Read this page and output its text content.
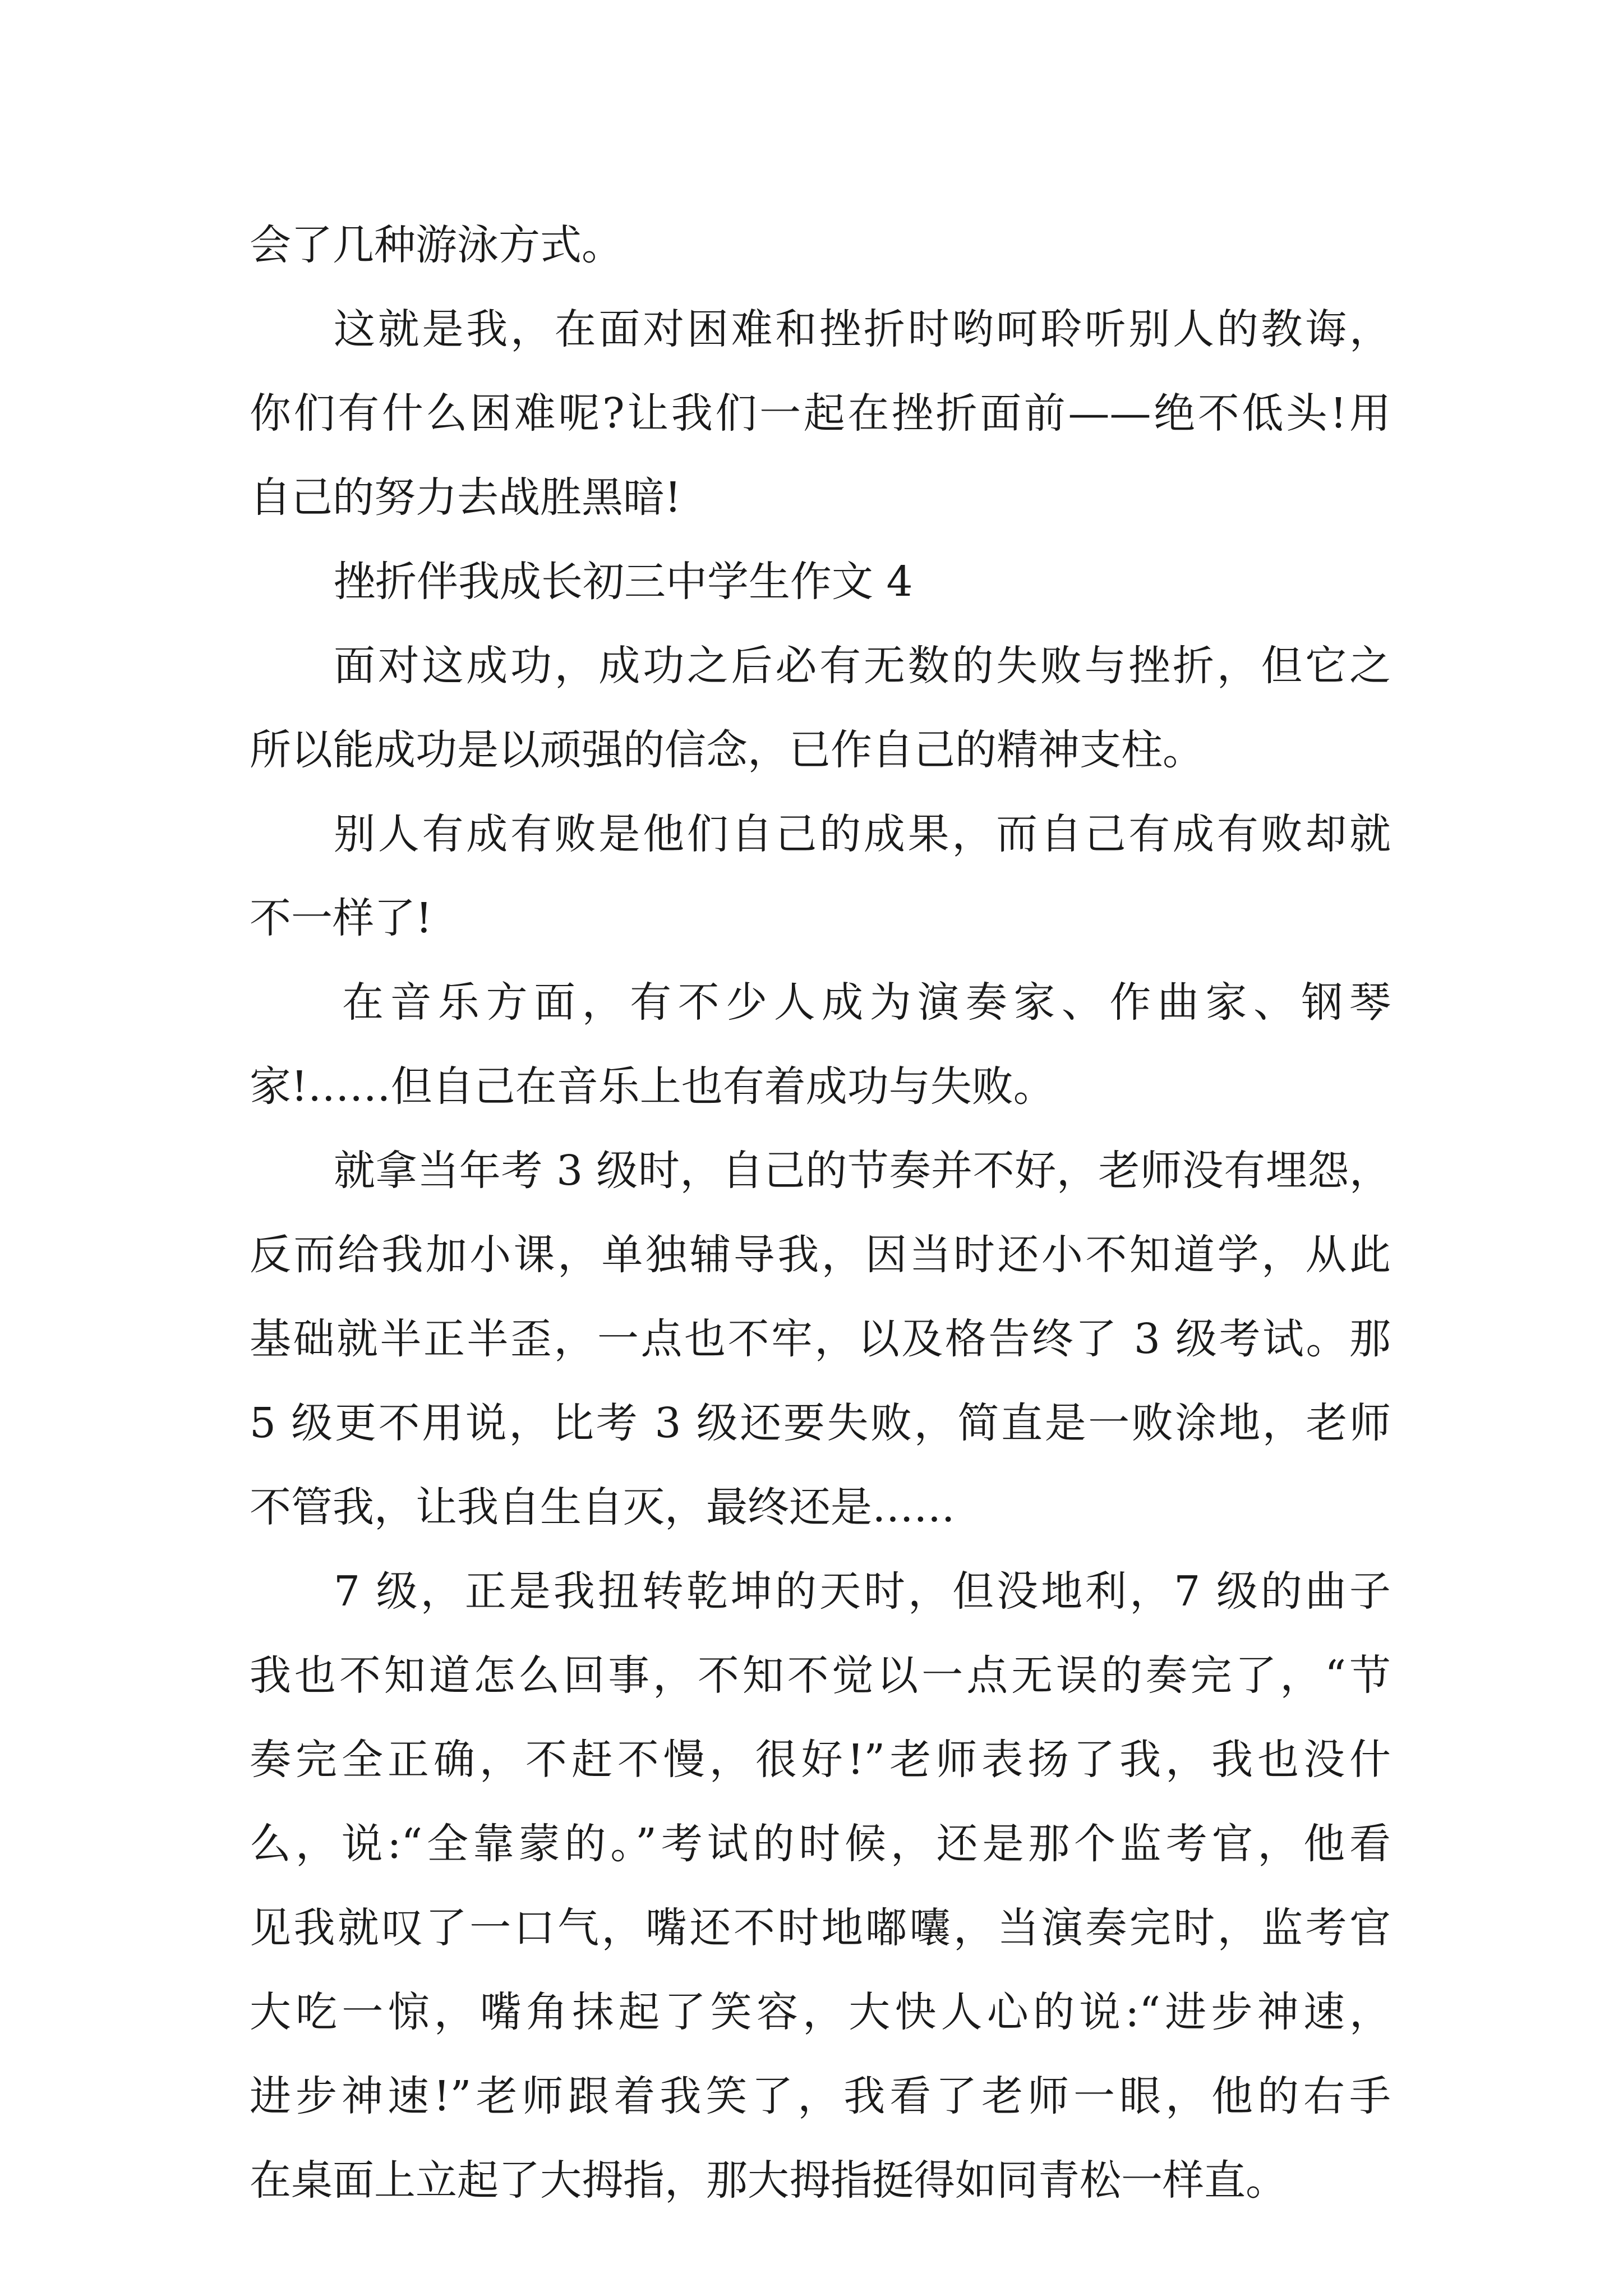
会了几种游泳方式。
这就是我，在面对困难和挫折时哟呵聆听别人的教诲，
你们有什么困难呢?让我们一起在挫折面前——绝不低头!用
自己的努力去战胜黑暗!
挫折伴我成长初三中学生作文 4
面对这成功，成功之后必有无数的失败与挫折，但它之
所以能成功是以顽强的信念，已作自己的精神支柱。
别人有成有败是他们自己的成果，而自己有成有败却就
不一样了!
在音乐方面，有不少人成为演奏家、作曲家、钢琴
家!……但自己在音乐上也有着成功与失败。
就拿当年考 3 级时，自己的节奏并不好，老师没有埋怨，
反而给我加小课，单独辅导我，因当时还小不知道学，从此
基础就半正半歪，一点也不牢，以及格告终了 3 级考试。那
5 级更不用说，比考 3 级还要失败，简直是一败涂地，老师
不管我，让我自生自灭，最终还是……
7 级，正是我扭转乾坤的天时，但没地利，7 级的曲子
我也不知道怎么回事，不知不觉以一点无误的奏完了，“节
奏完全正确，不赶不慢，很好!”老师表扬了我，我也没什
么，说:“全靠蒙的。”考试的时候，还是那个监考官，他看
见我就叹了一口气，嘴还不时地嘟囔，当演奏完时，监考官
大吃一惊，嘴角抹起了笑容，大快人心的说:“进步神速，
进步神速!”老师跟着我笑了，我看了老师一眼，他的右手
在桌面上立起了大拇指，那大拇指挺得如同青松一样直。
